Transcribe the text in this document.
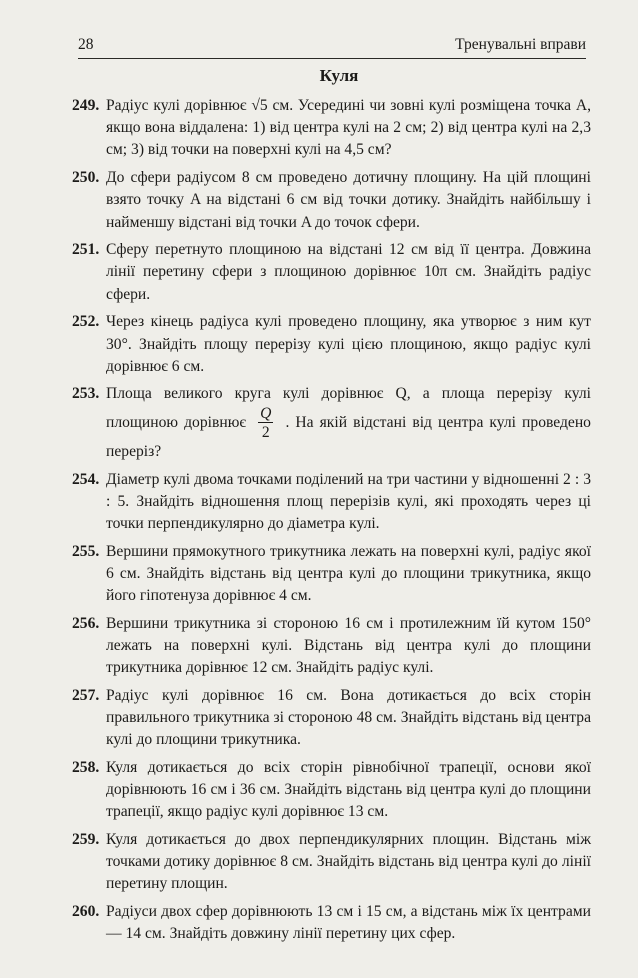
28	Тренувальні вправи
Куля
249. Радіус кулі дорівнює √5 см. Усередині чи зовні кулі розміщена точка A, якщо вона віддалена: 1) від центра кулі на 2 см; 2) від центра кулі на 2,3 см; 3) від точки на поверхні кулі на 4,5 см?
250. До сфери радіусом 8 см проведено дотичну площину. На цій площині взято точку A на відстані 6 см від точки дотику. Знайдіть найбільшу і найменшу відстані від точки A до точок сфери.
251. Сферу перетнуто площиною на відстані 12 см від її центра. Довжина лінії перетину сфери з площиною дорівнює 10π см. Знайдіть радіус сфери.
252. Через кінець радіуса кулі проведено площину, яка утворює з ним кут 30°. Знайдіть площу перерізу кулі цією площиною, якщо радіус кулі дорівнює 6 см.
253. Площа великого круга кулі дорівнює Q, а площа перерізу кулі площиною дорівнює $\frac{Q}{2}$ . На якій відстані від центра кулі проведено переріз?
254. Діаметр кулі двома точками поділений на три частини у відношенні 2 : 3 : 5. Знайдіть відношення площ перерізів кулі, які проходять через ці точки перпендикулярно до діаметра кулі.
255. Вершини прямокутного трикутника лежать на поверхні кулі, радіус якої 6 см. Знайдіть відстань від центра кулі до площини трикутника, якщо його гіпотенуза дорівнює 4 см.
256. Вершини трикутника зі стороною 16 см і протилежним їй кутом 150° лежать на поверхні кулі. Відстань від центра кулі до площини трикутника дорівнює 12 см. Знайдіть радіус кулі.
257. Радіус кулі дорівнює 16 см. Вона дотикається до всіх сторін правильного трикутника зі стороною 48 см. Знайдіть відстань від центра кулі до площини трикутника.
258. Куля дотикається до всіх сторін рівнобічної трапеції, основи якої дорівнюють 16 см і 36 см. Знайдіть відстань від центра кулі до площини трапеції, якщо радіус кулі дорівнює 13 см.
259. Куля дотикається до двох перпендикулярних площин. Відстань між точками дотику дорівнює 8 см. Знайдіть відстань від центра кулі до лінії перетину площин.
260. Радіуси двох сфер дорівнюють 13 см і 15 см, а відстань між їх центрами — 14 см. Знайдіть довжину лінії перетину цих сфер.
